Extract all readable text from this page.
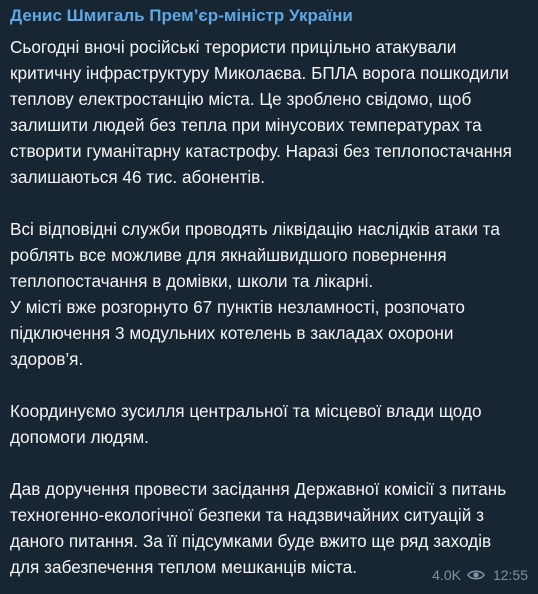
Денис Шмигаль Прем’єр-міністр України
Сьогодні вночі російські терористи прицільно атакували
критичну інфраструктуру Миколаєва. БПЛА ворога пошкодили
теплову електростанцію міста. Це зроблено свідомо, щоб
залишити людей без тепла при мінусових температурах та
створити гуманітарну катастрофу. Наразі без теплопостачання
залишаються 46 тис. абонентів.
Всі відповідні служби проводять ліквідацію наслідків атаки та
роблять все можливе для якнайшвидшого повернення
теплопостачання в домівки, школи та лікарні.
У місті вже розгорнуто 67 пунктів незламності, розпочато
підключення 3 модульних котелень в закладах охорони
здоров’я.
Координуємо зусилля центральної та місцевої влади щодо
допомоги людям.
Дав доручення провести засідання Державної комісії з питань
техногенно-екологічної безпеки та надзвичайних ситуацій з
даного питання. За її підсумками буде вжито ще ряд заходів
для забезпечення теплом мешканців міста.	4.0K 12:55
